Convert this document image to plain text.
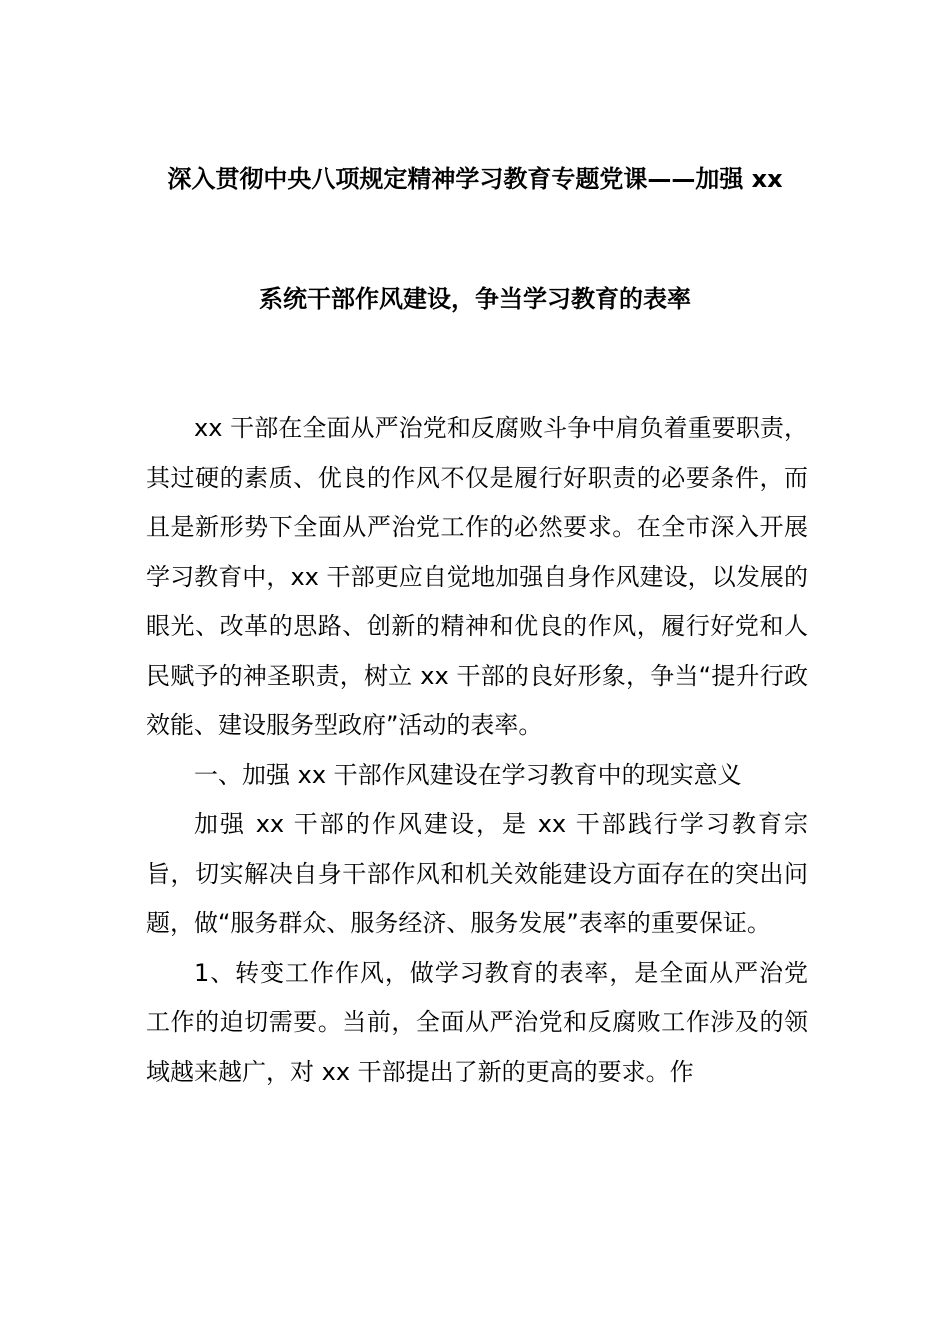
深入贯彻中央八项规定精神学习教育专题党课——加强 xx
系统干部作风建设，争当学习教育的表率

xx 干部在全面从严治党和反腐败斗争中肩负着重要职责，其过硬的素质、优良的作风不仅是履行好职责的必要条件，而且是新形势下全面从严治党工作的必然要求。在全市深入开展学习教育中，xx 干部更应自觉地加强自身作风建设，以发展的眼光、改革的思路、创新的精神和优良的作风，履行好党和人民赋予的神圣职责，树立 xx 干部的良好形象，争当“提升行政效能、建设服务型政府”活动的表率。

一、加强 xx 干部作风建设在学习教育中的现实意义

加强 xx 干部的作风建设，是 xx 干部践行学习教育宗旨，切实解决自身干部作风和机关效能建设方面存在的突出问题，做“服务群众、服务经济、服务发展”表率的重要保证。

1、转变工作作风，做学习教育的表率，是全面从严治党工作的迫切需要。当前，全面从严治党和反腐败工作涉及的领域越来越广，对 xx 干部提出了新的更高的要求。作
